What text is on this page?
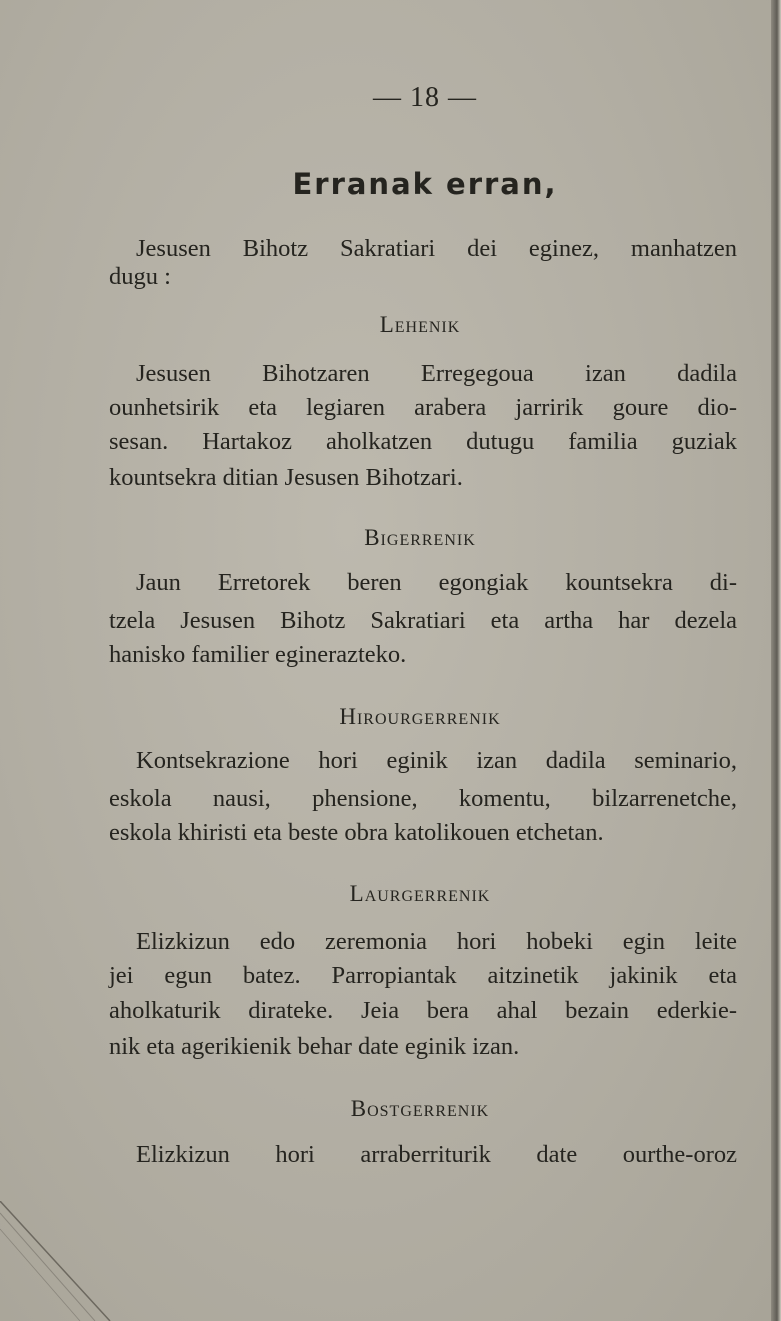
— 18 —
Erranak erran,
Jesusen Bihotz Sakratiari dei eginez, manhatzen
dugu :
Lehenik
Jesusen Bihotzaren Erregegoua izan dadila
ounhetsirik eta legiaren arabera jarririk goure dio-
sesan. Hartakoz aholkatzen dutugu familia guziak
kountsekra ditian Jesusen Bihotzari.
Bigerrenik
Jaun Erretorek beren egongiak kountsekra di-
tzela Jesusen Bihotz Sakratiari eta artha har dezela
hanisko familier eginerazteko.
Hirourgerrenik
Kontsekrazione hori eginik izan dadila seminario,
eskola nausi, phensione, komentu, bilzarrenetche,
eskola khiristi eta beste obra katolikouen etchetan.
Laurgerrenik
Elizkizun edo zeremonia hori hobeki egin leite
jei egun batez. Parropiantak aitzinetik jakinik eta
aholkaturik dirateke. Jeia bera ahal bezain ederkie-
nik eta agerikienik behar date eginik izan.
Bostgerrenik
Elizkizun hori arraberriturik date ourthe-oroz
